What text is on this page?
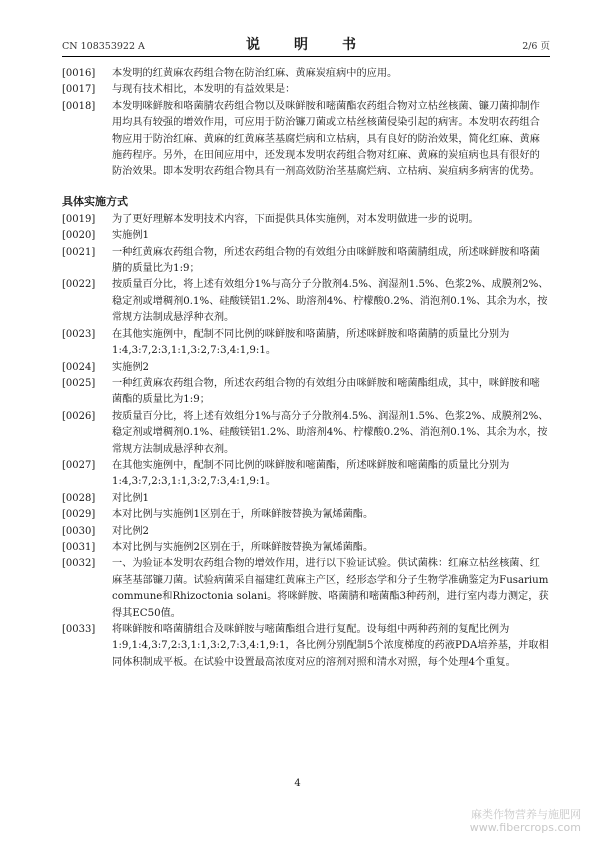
CN 108353922 A	说　明　书	2/6 页

[0016] 本发明的红黄麻农药组合物在防治红麻、黄麻炭疽病中的应用。

[0017] 与现有技术相比，本发明的有益效果是：

[0018] 本发明咪鲜胺和咯菌腈农药组合物以及咪鲜胺和嘧菌酯农药组合物对立枯丝核菌、镰刀菌抑制作用均具有较强的增效作用，可应用于防治镰刀菌或立枯丝核菌侵染引起的病害。本发明农药组合物应用于防治红麻、黄麻的红黄麻茎基腐烂病和立枯病，具有良好的防治效果，简化红麻、黄麻施药程序。另外，在田间应用中，还发现本发明农药组合物对红麻、黄麻的炭疽病也具有很好的防治效果。即本发明农药组合物具有一剂高效防治茎基腐烂病、立枯病、炭疽病多病害的优势。

具体实施方式

[0019] 为了更好理解本发明技术内容，下面提供具体实施例，对本发明做进一步的说明。

[0020] 实施例1

[0021] 一种红黄麻农药组合物，所述农药组合物的有效组分由咪鲜胺和咯菌腈组成，所述咪鲜胺和咯菌腈的质量比为1:9；

[0022] 按质量百分比，将上述有效组分1%与高分子分散剂4.5%、润湿剂1.5%、色浆2%、成膜剂2%、稳定剂或增稠剂0.1%、硅酸镁铝1.2%、助溶剂4%、柠檬酸0.2%、消泡剂0.1%、其余为水，按常规方法制成悬浮种衣剂。

[0023] 在其他实施例中，配制不同比例的咪鲜胺和咯菌腈，所述咪鲜胺和咯菌腈的质量比分别为1:4,3:7,2:3,1:1,3:2,7:3,4:1,9:1。

[0024] 实施例2

[0025] 一种红黄麻农药组合物，所述农药组合物的有效组分由咪鲜胺和嘧菌酯组成，其中，咪鲜胺和嘧菌酯的质量比为1:9；

[0026] 按质量百分比，将上述有效组分1%与高分子分散剂4.5%、润湿剂1.5%、色浆2%、成膜剂2%、稳定剂或增稠剂0.1%、硅酸镁铝1.2%、助溶剂4%、柠檬酸0.2%、消泡剂0.1%、其余为水，按常规方法制成悬浮种衣剂。

[0027] 在其他实施例中，配制不同比例的咪鲜胺和嘧菌酯，所述咪鲜胺和嘧菌酯的质量比分别为1:4,3:7,2:3,1:1,3:2,7:3,4:1,9:1。

[0028] 对比例1

[0029] 本对比例与实施例1区别在于，所咪鲜胺替换为氰烯菌酯。

[0030] 对比例2

[0031] 本对比例与实施例2区别在于，所咪鲜胺替换为氰烯菌酯。

[0032] 一、为验证本发明农药组合物的增效作用，进行以下验证试验。供试菌株：红麻立枯丝核菌、红麻茎基部镰刀菌。试验病菌采自福建红黄麻主产区，经形态学和分子生物学准确鉴定为Fusarium commune和Rhizoctonia solani。将咪鲜胺、咯菌腈和嘧菌酯3种药剂，进行室内毒力测定，获得其EC50值。

[0033] 将咪鲜胺和咯菌腈组合及咪鲜胺与嘧菌酯组合进行复配。设每组中两种药剂的复配比例为1:9,1:4,3:7,2:3,1:1,3:2,7:3,4:1,9:1，各比例分别配制5个浓度梯度的药液PDA培养基，并取相同体积制成平板。在试验中设置最高浓度对应的溶剂对照和清水对照，每个处理4个重复。

4
麻类作物营养与施肥网
www.fibercrops.com
